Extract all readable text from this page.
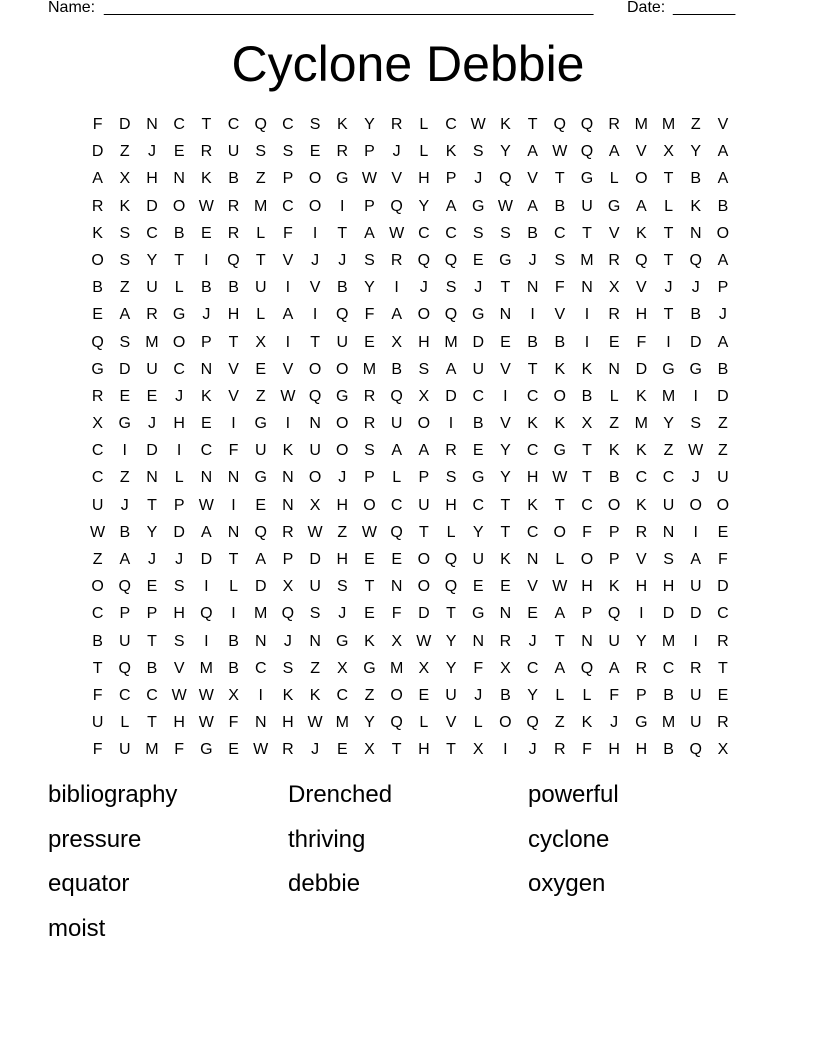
Name: _______________________________________________________ Date: _______
Cyclone Debbie
F	D N C	T	C Q C	S	K	Y	R	L	C W K	T	Q Q R M M Z	V
D	Z	J	E	R U	S	S	E	R	P	J	L	K	S	Y	A W Q A	V	X	Y	A
A	X	H N	K	B	Z	P O G W V	H	P	J	Q V	T	G	L	O	T	B	A
R	K	D O W R M C O	I	P Q Y	A G W A	B	U G A	L	K	B
K	S	C	B	E	R	L	F	I	T	A W C C	S	S	B	C	T	V	K	T	N O
O S	Y	T	I	Q	T	V	J	J	S	R Q Q E G	J	S M R Q	T	Q A
B	Z	U	L	B	B	U	I	V	B	Y	I	J	S	J	T	N	F	N	X	V	J	J	P
E	A	R G	J	H	L	A	I	Q	F	A O Q G N	I	V	I	R H	T	B	J
Q S M O P	T	X	I	T	U	E	X	H M D	E	B	B	I	E	F	I	D	A
G D U C N	V	E	V O O M B	S	A	U	V	T	K	K	N D G G B
R	E	E	J	K	V	Z W Q G R Q X	D C	I	C O B	L	K M	I	D
X G	J	H	E	I	G	I	N O R U O	I	B	V	K	K	X	Z M Y	S	Z
C	I	D	I	C	F	U	K	U O S	A	A	R	E	Y	C G	T	K	K	Z W Z
C	Z	N	L	N N G N O	J	P	L	P	S G Y	H W T	B	C C	J	U
U	J	T	P W	I	E	N	X	H O C U H C	T	K	T	C O K	U O O
W B	Y	D	A	N Q R W Z W Q	T	L	Y	T	C O	F	P	R N	I	E
Z	A	J	J	D	T	A	P	D H	E	E O Q U	K	N	L	O P	V	S	A	F
O Q E	S	I	L	D	X	U	S	T	N O Q E	E	V W H	K	H H U D
C	P	P	H Q	I	M Q S	J	E	F	D	T	G N	E	A	P Q	I	D D C
B	U	T	S	I	B	N	J	N G K	X W Y	N R	J	T	N U	Y M	I	R
T	Q B	V M B	C	S	Z	X G M X	Y	F	X	C	A Q A	R C R	T
F	C C W W X	I	K	K	C	Z	O E	U	J	B	Y	L	L	F	P	B	U	E
U	L	T	H W F	N H W M Y Q	L	V	L	O Q	Z	K	J	G M U R
F	U M F	G E W R	J	E	X	T	H	T	X	I	J	R	F	H H	B Q X
bibliography	Drenched	powerful
pressure	thriving	cyclone
equator	debbie	oxygen
moist
